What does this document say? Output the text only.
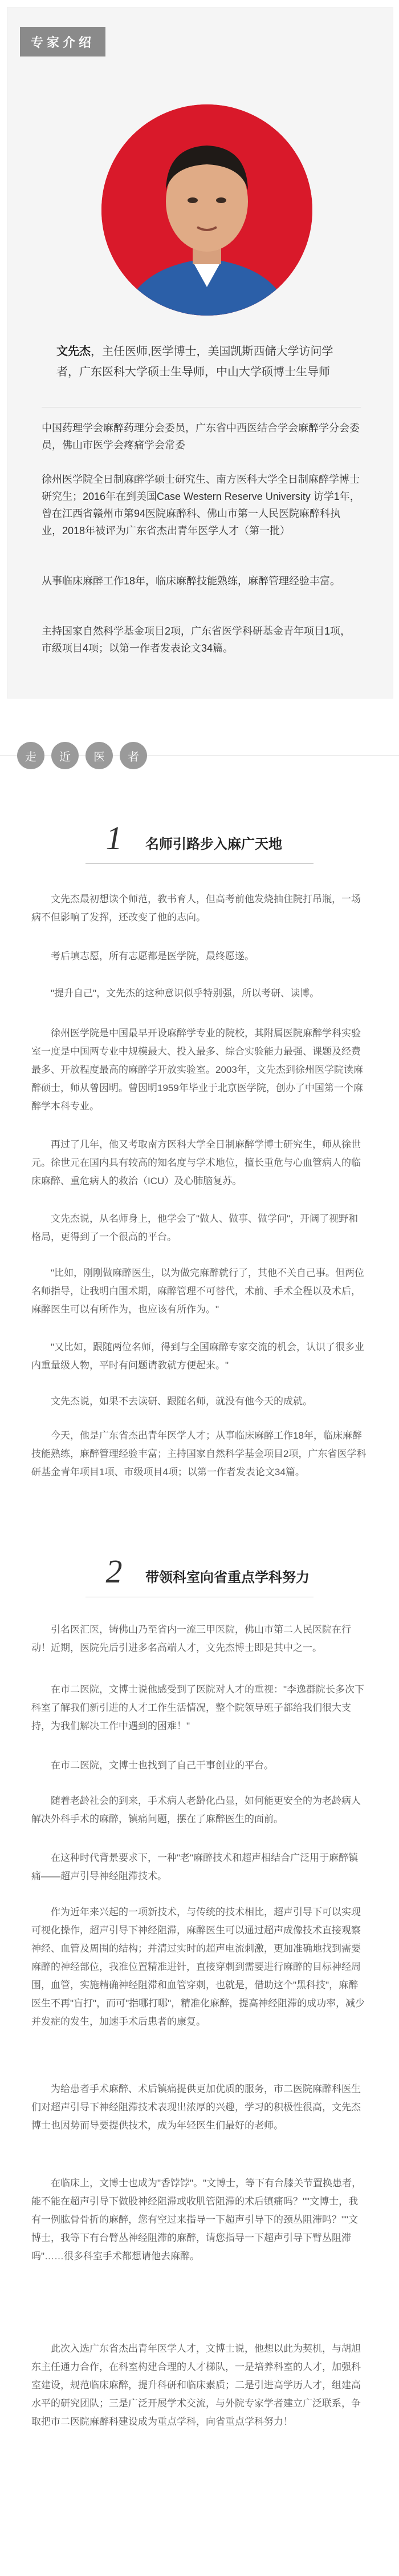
专家介绍
文先杰，主任医师,医学博士，美国凯斯西储大学访问学者，广东医科大学硕士生导师，中山大学硕博士生导师
中国药理学会麻醉药理分会委员，广东省中西医结合学会麻醉学分会委员，佛山市医学会疼痛学会常委
徐州医学院全日制麻醉学硕士研究生、南方医科大学全日制麻醉学博士研究生；2016年在到美国Case Western Reserve University 访学1年，曾在江西省赣州市第94医院麻醉科、佛山市第一人民医院麻醉科执业，2018年被评为广东省杰出青年医学人才（第一批）
从事临床麻醉工作18年，临床麻醉技能熟练，麻醉管理经验丰富。
主持国家自然科学基金项目2项，广东省医学科研基金青年项目1项，市级项目4项；以第一作者发表论文34篇。
走	近	医	者
1	名师引路步入麻广天地
文先杰最初想读个师范，教书育人，但高考前他发烧抽住院打吊瓶，一场病不但影响了发挥，还改变了他的志向。
考后填志愿，所有志愿都是医学院，最终愿遂。
"提升自己"，文先杰的这种意识似乎特别强，所以考研、读博。
徐州医学院是中国最早开设麻醉学专业的院校，其附属医院麻醉学科实验室一度是中国两专业中规模最大、投入最多、综合实验能力最强、课题及经费最多、开放程度最高的麻醉学开放实验室。2003年，文先杰到徐州医学院读麻醉硕士，师从曾因明。曾因明1959年毕业于北京医学院，创办了中国第一个麻醉学本科专业。
再过了几年，他又考取南方医科大学全日制麻醉学博士研究生，师从徐世元。徐世元在国内具有较高的知名度与学术地位，擅长重危与心血管病人的临床麻醉、重危病人的救治（ICU）及心肺脑复苏。
文先杰说，从名师身上，他学会了"做人、做事、做学问"，开阔了视野和格局，更得到了一个很高的平台。
"比如，刚刚做麻醉医生，以为做完麻醉就行了，其他不关自己事。但两位名师指导，让我明白围术期，麻醉管理不可替代，术前、手术全程以及术后，麻醉医生可以有所作为，也应该有所作为。"
"又比如，跟随两位名师，得到与全国麻醉专家交流的机会，认识了很多业内重量级人物，平时有问题请教就方便起来。"
文先杰说，如果不去读研、跟随名师，就没有他今天的成就。
今天，他是广东省杰出青年医学人才；从事临床麻醉工作18年，临床麻醉技能熟练，麻醉管理经验丰富；主持国家自然科学基金项目2项，广东省医学科研基金青年项目1项、市级项目4项；以第一作者发表论文34篇。
2	带领科室向省重点学科努力
引名医汇医，铸佛山乃至省内一流三甲医院，佛山市第二人民医院在行动！近期，医院先后引进多名高端人才，文先杰博士即是其中之一。
在市二医院，文博士说他感受到了医院对人才的重视："李逸群院长多次下科室了解我们新引进的人才工作生活情况，整个院领导班子都给我们很大支持，为我们解决工作中遇到的困难！"
在市二医院，文博士也找到了自己干事创业的平台。
随着老龄社会的到来，手术病人老龄化凸显，如何能更安全的为老龄病人解决外科手术的麻醉，镇痛问题，摆在了麻醉医生的面前。
在这种时代背景要求下，一种"老"麻醉技术和超声相结合广泛用于麻醉镇痛——超声引导神经阻滞技术。
作为近年来兴起的一项新技术，与传统的技术相比，超声引导下可以实现可视化操作，超声引导下神经阻滞，麻醉医生可以通过超声成像技术直接观察神经、血管及周围的结构；并清过实时的超声电流刺激，更加准确地找到需要麻醉的神经部位，我准位置精准进针，直接穿刺到需要进行麻醉的目标神经周围，血管，实施精确神经阻滞和血管穿刺，也就是，借助这个"黑科技"，麻醉医生不再"盲打"，而可"指哪打哪"，精准化麻醉，提高神经阻滞的成功率，减少并发症的发生，加速手术后患者的康复。
为给患者手术麻醉、术后镇痛提供更加优质的服务，市二医院麻醉科医生们对超声引导下神经阻滞技术表现出浓厚的兴趣，学习的积极性很高，文先杰博士也因势而导要提供技术，成为年轻医生们最好的老师。
在临床上，文博士也成为"香饽饽"。"文博士，等下有台膝关节置换患者，能不能在超声引导下做股神经阻滞或收肌管阻滞的术后镇痛吗？""文博士，我有一例肱骨骨折的麻醉，您有空过来指导一下超声引导下的颈丛阻滞吗？""文博士，我等下有台臂丛神经阻滞的麻醉，请您指导一下超声引导下臂丛阻滞吗"……很多科室手术都想请他去麻醉。
此次入选广东省杰出青年医学人才，文博士说，他想以此为契机，与胡旭东主任通力合作，在科室构建合理的人才梯队，一是培养科室的人才，加强科室建设，规范临床麻醉，提升科研和临床素质；二是引进高学历人才，组建高水平的研究团队；三是广泛开展学术交流，与外院专家学者建立广泛联系，争取把市二医院麻醉科建设成为重点学科，向省重点学科努力！
